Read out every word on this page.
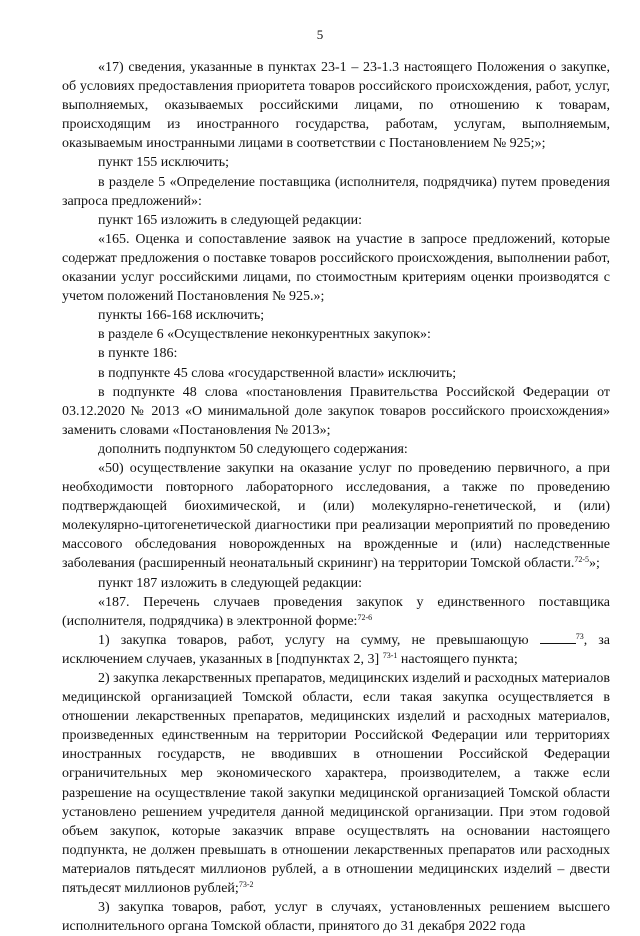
5

«17) сведения, указанные в пунктах 23-1 – 23-1.3 настоящего Положения о закупке, об условиях предоставления приоритета товаров российского происхождения, работ, услуг, выполняемых, оказываемых российскими лицами, по отношению к товарам, происходящим из иностранного государства, работам, услугам, выполняемым, оказываемым иностранными лицами в соответствии с Постановлением № 925;»;

пункт 155 исключить;

в разделе 5 «Определение поставщика (исполнителя, подрядчика) путем проведения запроса предложений»:

пункт 165 изложить в следующей редакции:

«165. Оценка и сопоставление заявок на участие в запросе предложений, которые содержат предложения о поставке товаров российского происхождения, выполнении работ, оказании услуг российскими лицами, по стоимостным критериям оценки производятся с учетом положений Постановления № 925.»;

пункты 166-168 исключить;

в разделе 6 «Осуществление неконкурентных закупок»:

в пункте 186:

в подпункте 45 слова «государственной власти» исключить;

в подпункте 48 слова «постановления Правительства Российской Федерации от 03.12.2020 № 2013 «О минимальной доле закупок товаров российского происхождения» заменить словами «Постановления № 2013»;

дополнить подпунктом 50 следующего содержания:

«50) осуществление закупки на оказание услуг по проведению первичного, а при необходимости повторного лабораторного исследования, а также по проведению подтверждающей биохимической, и (или) молекулярно-генетической, и (или) молекулярно-цитогенетической диагностики при реализации мероприятий по проведению массового обследования новорожденных на врожденные и (или) наследственные заболевания (расширенный неонатальный скрининг) на территории Томской области.$^{72-5}$»;

пункт 187 изложить в следующей редакции:

«187. Перечень случаев проведения закупок у единственного поставщика (исполнителя, подрядчика) в электронной форме:$^{72-6}$

1) закупка товаров, работ, услугу на сумму, не превышающую	$^{73}$, за исключением случаев, указанных в [подпунктах 2, 3] $^{73-1}$ настоящего пункта;

2) закупка лекарственных препаратов, медицинских изделий и расходных материалов медицинской организацией Томской области, если такая закупка осуществляется в отношении лекарственных препаратов, медицинских изделий и расходных материалов, произведенных единственным на территории Российской Федерации или территориях иностранных государств, не вводивших в отношении Российской Федерации ограничительных мер экономического характера, производителем, а также если разрешение на осуществление такой закупки медицинской организацией Томской области установлено решением учредителя данной медицинской организации. При этом годовой объем закупок, которые заказчик вправе осуществлять на основании настоящего подпункта, не должен превышать в отношении лекарственных препаратов или расходных материалов пятьдесят миллионов рублей, а в отношении медицинских изделий – двести пятьдесят миллионов рублей;$^{73-2}$

3) закупка товаров, работ, услуг в случаях, установленных решением высшего исполнительного органа Томской области, принятого до 31 декабря 2022 года
